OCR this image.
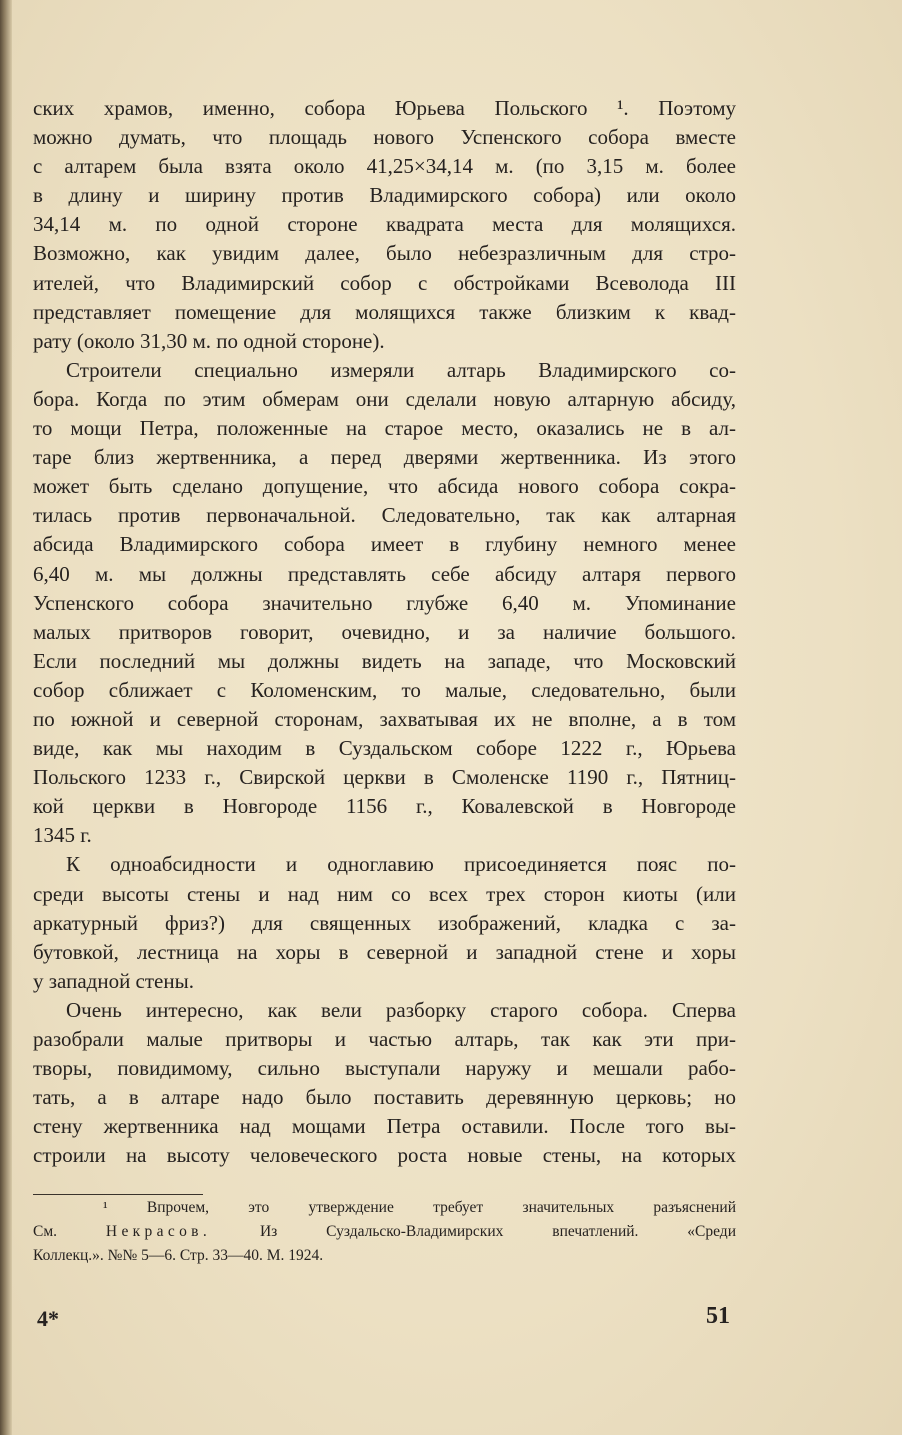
ских храмов, именно, собора Юрьева Польского ¹. Поэтому
можно думать, что площадь нового Успенского собора вместе
с алтарем была взята около 41,25×34,14 м. (по 3,15 м. более
в длину и ширину против Владимирского собора) или около
34,14 м. по одной стороне квадрата места для молящихся.
Возможно, как увидим далее, было небезразличным для стро-
ителей, что Владимирский собор с обстройками Всеволода III
представляет помещение для молящихся также близким к квад-
рату (около 31,30 м. по одной стороне).
Строители специально измеряли алтарь Владимирского со-
бора. Когда по этим обмерам они сделали новую алтарную абсиду,
то мощи Петра, положенные на старое место, оказались не в ал-
таре близ жертвенника, а перед дверями жертвенника. Из этого
может быть сделано допущение, что абсида нового собора сокра-
тилась против первоначальной. Следовательно, так как алтарная
абсида Владимирского собора имеет в глубину немного менее
6,40 м. мы должны представлять себе абсиду алтаря первого
Успенского собора значительно глубже 6,40 м. Упоминание
малых притворов говорит, очевидно, и за наличие большого.
Если последний мы должны видеть на западе, что Московский
собор сближает с Коломенским, то малые, следовательно, были
по южной и северной сторонам, захватывая их не вполне, а в том
виде, как мы находим в Суздальском соборе 1222 г., Юрьева
Польского 1233 г., Свирской церкви в Смоленске 1190 г., Пятниц-
кой церкви в Новгороде 1156 г., Ковалевской в Новгороде
1345 г.
К одноабсидности и одноглавию присоединяется пояс по-
среди высоты стены и над ним со всех трех сторон киоты (или
аркатурный фриз?) для священных изображений, кладка с за-
бутовкой, лестница на хоры в северной и западной стене и хоры
у западной стены.
Очень интересно, как вели разборку старого собора. Сперва
разобрали малые притворы и частью алтарь, так как эти при-
творы, повидимому, сильно выступали наружу и мешали рабо-
тать, а в алтаре надо было поставить деревянную церковь; но
стену жертвенника над мощами Петра оставили. После того вы-
строили на высоту человеческого роста новые стены, на которых
¹ Впрочем, это утверждение требует значительных разъяснений
См.	Некрасов.	Из Суздальско-Владимирских впечатлений. «Среди
Коллекц.». №№ 5—6. Стр. 33—40. М. 1924.
4*	51
